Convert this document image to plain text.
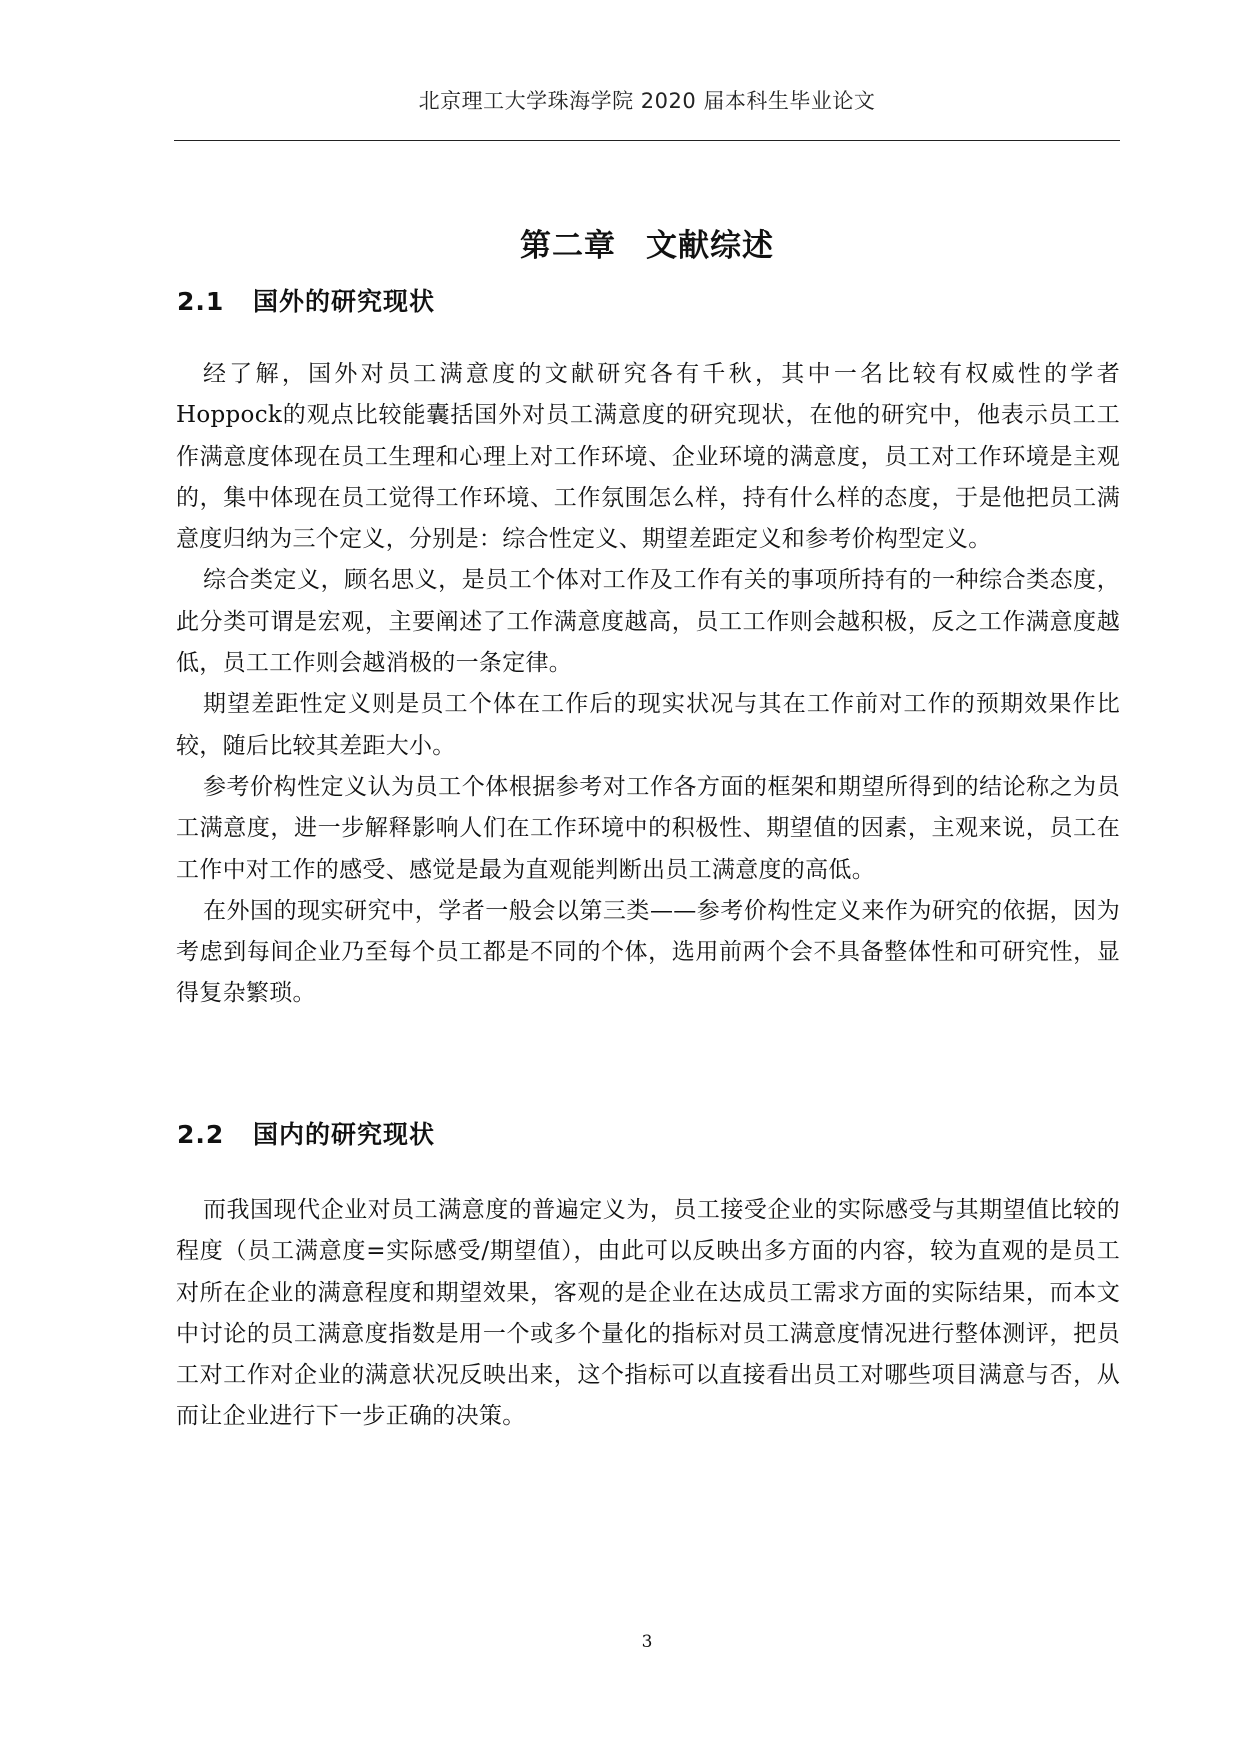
北京理工大学珠海学院 2020 届本科生毕业论文
第二章 文献综述
2.1 国外的研究现状

经了解，国外对员工满意度的文献研究各有千秋，其中一名比较有权威性的学者Hoppock的观点比较能囊括国外对员工满意度的研究现状，在他的研究中，他表示员工工作满意度体现在员工生理和心理上对工作环境、企业环境的满意度，员工对工作环境是主观的，集中体现在员工觉得工作环境、工作氛围怎么样，持有什么样的态度，于是他把员工满意度归纳为三个定义，分别是：综合性定义、期望差距定义和参考价构型定义。

综合类定义，顾名思义，是员工个体对工作及工作有关的事项所持有的一种综合类态度，此分类可谓是宏观，主要阐述了工作满意度越高，员工工作则会越积极，反之工作满意度越低，员工工作则会越消极的一条定律。

期望差距性定义则是员工个体在工作后的现实状况与其在工作前对工作的预期效果作比较，随后比较其差距大小。

参考价构性定义认为员工个体根据参考对工作各方面的框架和期望所得到的结论称之为员工满意度，进一步解释影响人们在工作环境中的积极性、期望值的因素，主观来说，员工在工作中对工作的感受、感觉是最为直观能判断出员工满意度的高低。

在外国的现实研究中，学者一般会以第三类——参考价构性定义来作为研究的依据，因为考虑到每间企业乃至每个员工都是不同的个体，选用前两个会不具备整体性和可研究性，显得复杂繁琐。

2.2 国内的研究现状

而我国现代企业对员工满意度的普遍定义为，员工接受企业的实际感受与其期望值比较的程度（员工满意度=实际感受/期望值），由此可以反映出多方面的内容，较为直观的是员工对所在企业的满意程度和期望效果，客观的是企业在达成员工需求方面的实际结果，而本文中讨论的员工满意度指数是用一个或多个量化的指标对员工满意度情况进行整体测评，把员工对工作对企业的满意状况反映出来，这个指标可以直接看出员工对哪些项目满意与否，从而让企业进行下一步正确的决策。

3
